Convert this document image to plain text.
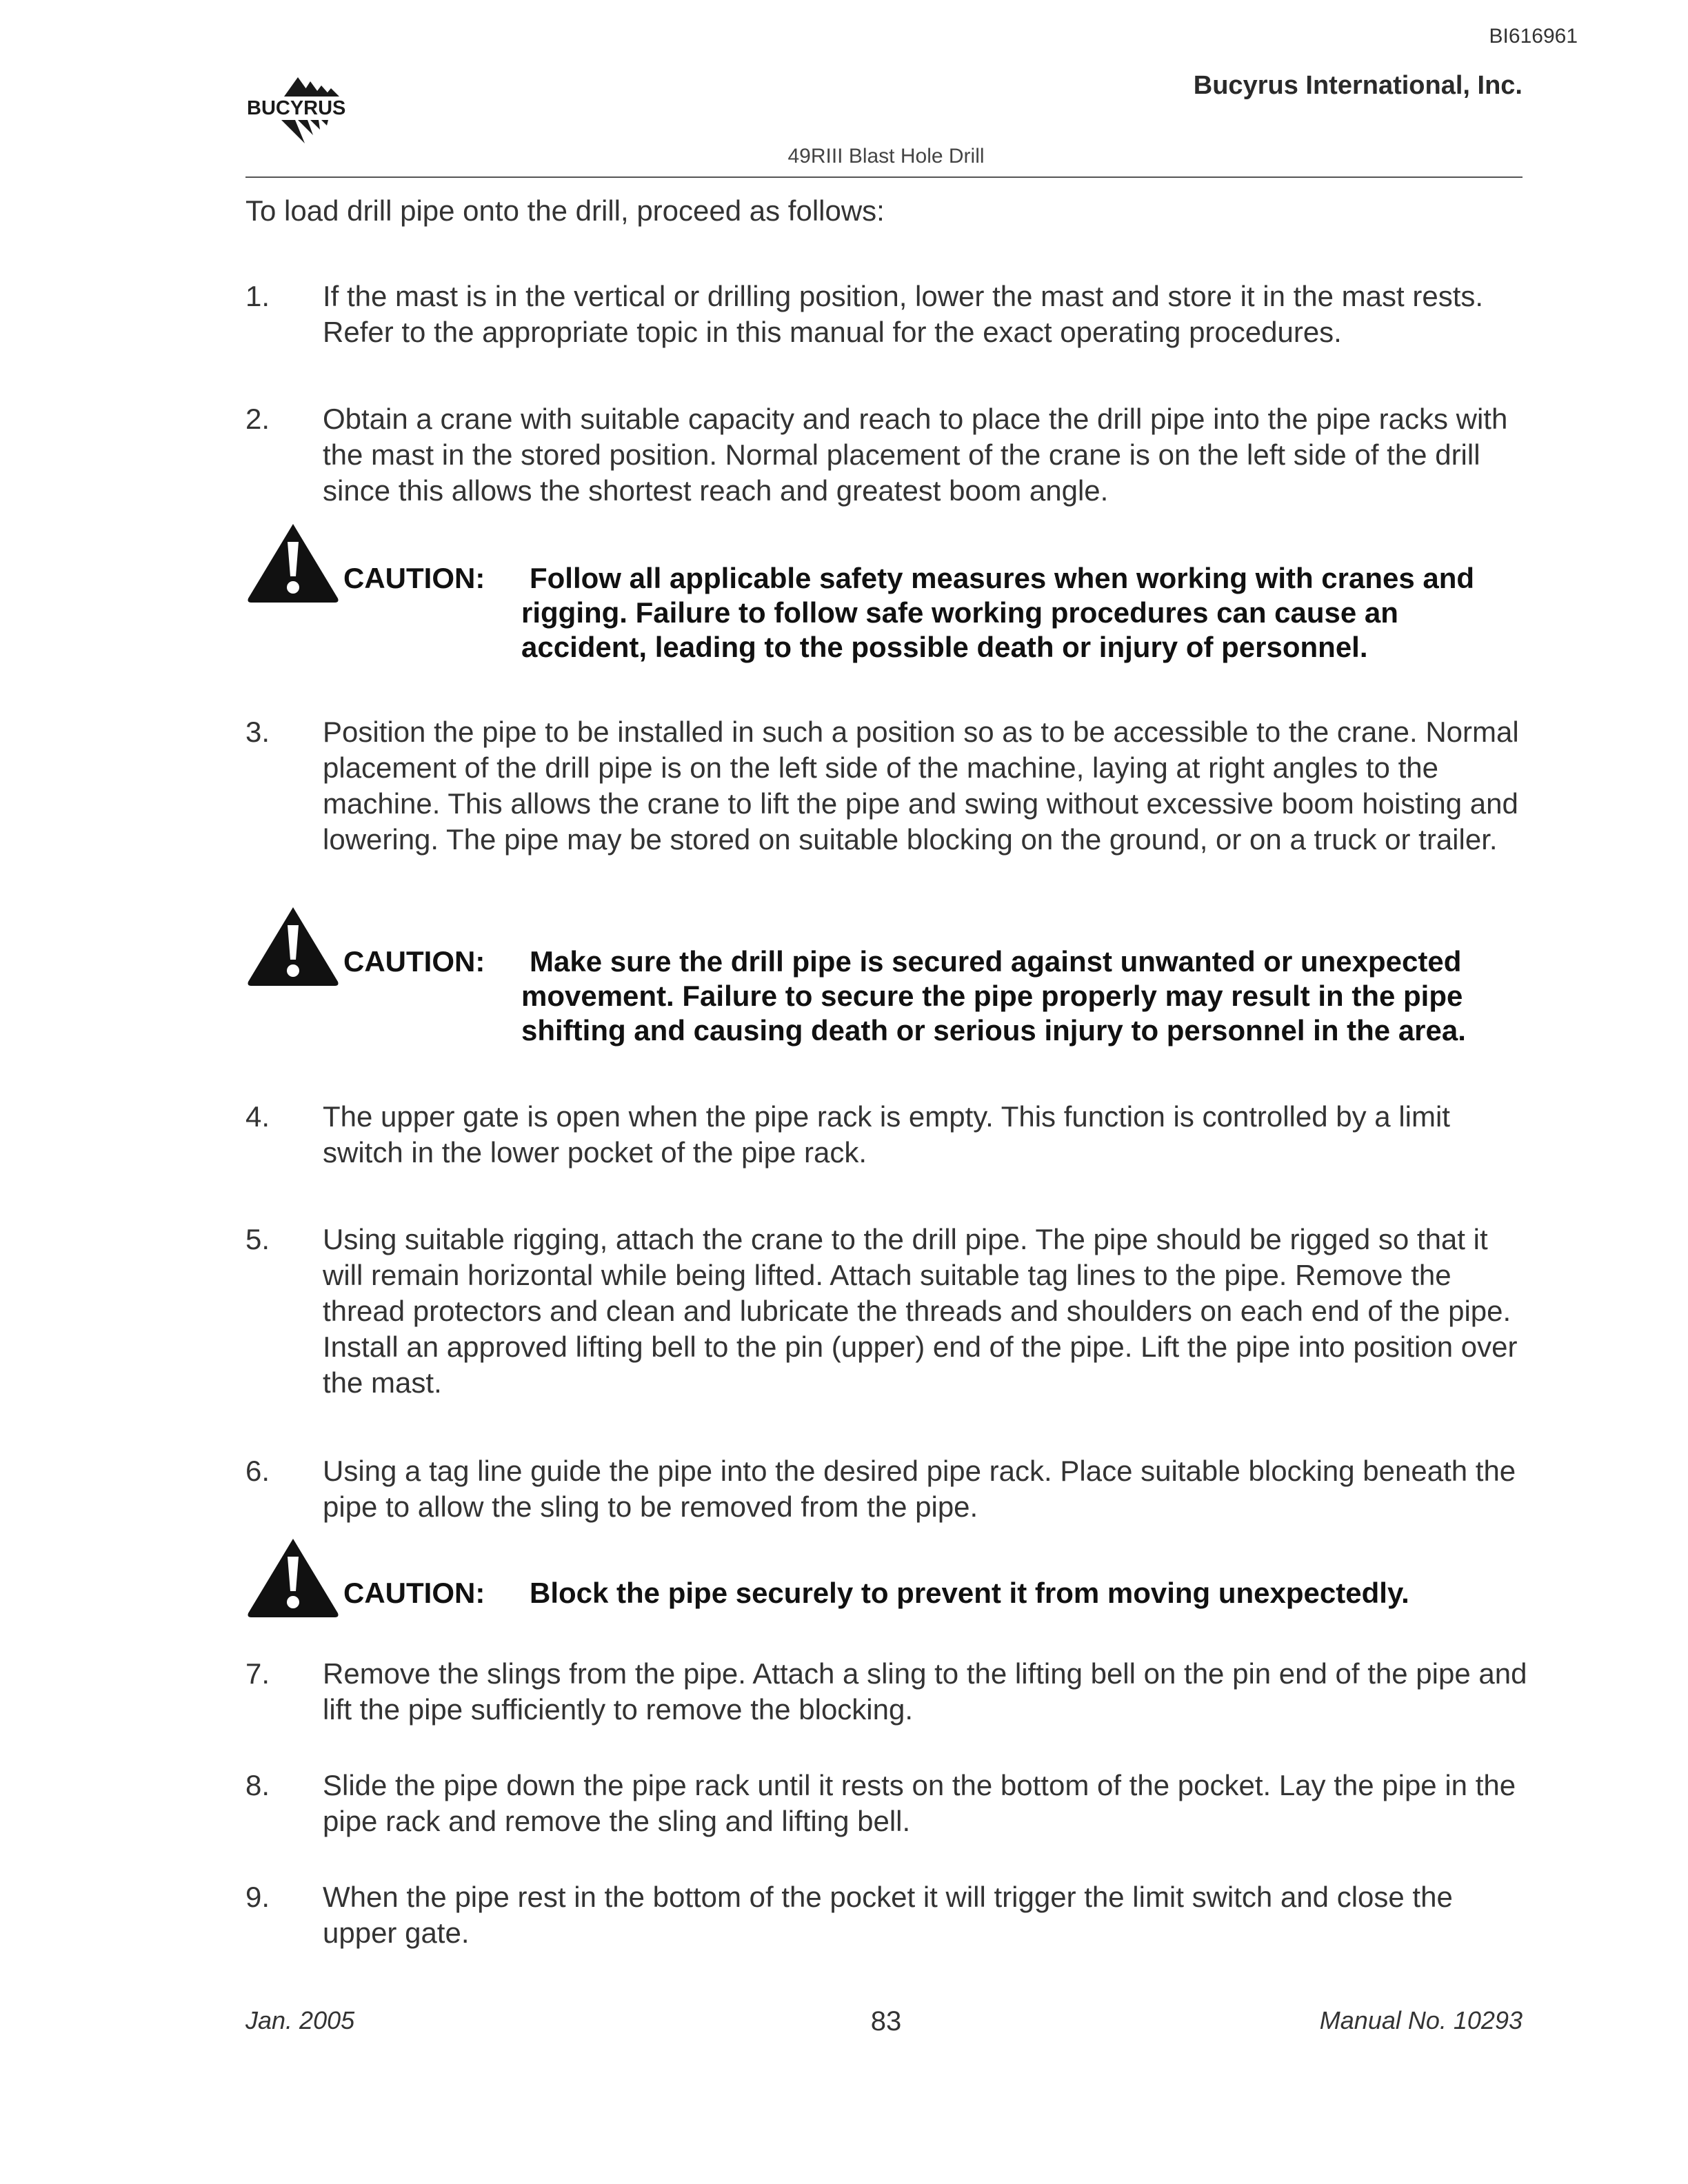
BI616961
BUCYRUS
Bucyrus International, Inc.
49RIII Blast Hole Drill
To load drill pipe onto the drill, proceed as follows:
1.	If the mast is in the vertical or drilling position, lower the mast and store it in the mast rests. Refer to the appropriate topic in this manual for the exact operating procedures.
2.	Obtain a crane with suitable capacity and reach to place the drill pipe into the pipe racks with the mast in the stored position. Normal placement of the crane is on the left side of the drill since this allows the shortest reach and greatest boom angle.
CAUTION: Follow all applicable safety measures when working with cranes and rigging. Failure to follow safe working procedures can cause an accident, leading to the possible death or injury of personnel.
3.	Position the pipe to be installed in such a position so as to be accessible to the crane. Normal placement of the drill pipe is on the left side of the machine, laying at right angles to the machine. This allows the crane to lift the pipe and swing without excessive boom hoisting and lowering. The pipe may be stored on suitable blocking on the ground, or on a truck or trailer.
CAUTION: Make sure the drill pipe is secured against unwanted or unexpected movement. Failure to secure the pipe properly may result in the pipe shifting and causing death or serious injury to personnel in the area.
4.	The upper gate is open when the pipe rack is empty. This function is controlled by a limit switch in the lower pocket of the pipe rack.
5.	Using suitable rigging, attach the crane to the drill pipe. The pipe should be rigged so that it will remain horizontal while being lifted. Attach suitable tag lines to the pipe. Remove the thread protectors and clean and lubricate the threads and shoulders on each end of the pipe. Install an approved lifting bell to the pin (upper) end of the pipe. Lift the pipe into position over the mast.
6.	Using a tag line guide the pipe into the desired pipe rack. Place suitable blocking beneath the pipe to allow the sling to be removed from the pipe.
CAUTION: Block the pipe securely to prevent it from moving unexpectedly.
7.	Remove the slings from the pipe. Attach a sling to the lifting bell on the pin end of the pipe and lift the pipe sufficiently to remove the blocking.
8.	Slide the pipe down the pipe rack until it rests on the bottom of the pocket. Lay the pipe in the pipe rack and remove the sling and lifting bell.
9.	When the pipe rest in the bottom of the pocket it will trigger the limit switch and close the upper gate.
Jan. 2005	83	Manual No. 10293
